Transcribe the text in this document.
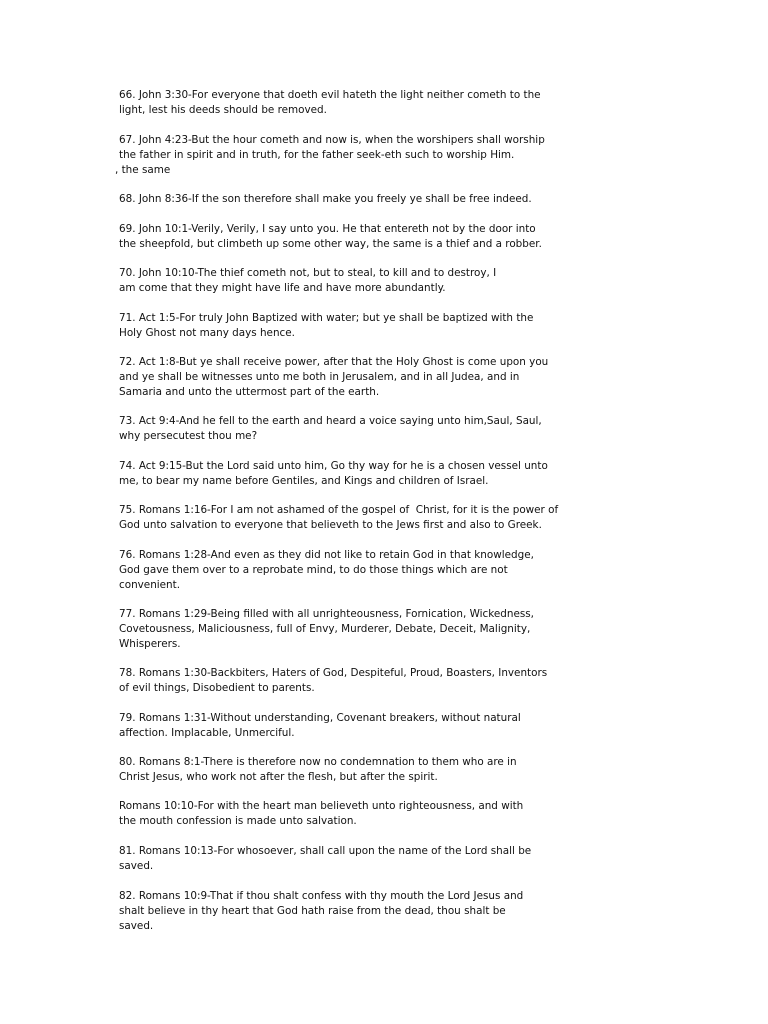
66. John 3:30-For everyone that doeth evil hateth the light neither cometh to the
light, lest his deeds should be removed.

67. John 4:23-But the hour cometh and now is, when the worshipers shall worship
the father in spirit and in truth, for the father seek-eth such to worship Him.
, the same

68. John 8:36-If the son therefore shall make you freely ye shall be free indeed.

69. John 10:1-Verily, Verily, I say unto you. He that entereth not by the door into
the sheepfold, but climbeth up some other way, the same is a thief and a robber.

70. John 10:10-The thief cometh not, but to steal, to kill and to destroy, I
am come that they might have life and have more abundantly.

71. Act 1:5-For truly John Baptized with water; but ye shall be baptized with the
Holy Ghost not many days hence.

72. Act 1:8-But ye shall receive power, after that the Holy Ghost is come upon you
and ye shall be witnesses unto me both in Jerusalem, and in all Judea, and in
Samaria and unto the uttermost part of the earth.

73. Act 9:4-And he fell to the earth and heard a voice saying unto him,Saul, Saul,
why persecutest thou me?

74. Act 9:15-But the Lord said unto him, Go thy way for he is a chosen vessel unto
me, to bear my name before Gentiles, and Kings and children of Israel.

75. Romans 1:16-For I am not ashamed of the gospel of  Christ, for it is the power of
God unto salvation to everyone that believeth to the Jews first and also to Greek.

76. Romans 1:28-And even as they did not like to retain God in that knowledge,
God gave them over to a reprobate mind, to do those things which are not
convenient.

77. Romans 1:29-Being filled with all unrighteousness, Fornication, Wickedness,
Covetousness, Maliciousness, full of Envy, Murderer, Debate, Deceit, Malignity,
Whisperers.

78. Romans 1:30-Backbiters, Haters of God, Despiteful, Proud, Boasters, Inventors
of evil things, Disobedient to parents.

79. Romans 1:31-Without understanding, Covenant breakers, without natural
affection. Implacable, Unmerciful.

80. Romans 8:1-There is therefore now no condemnation to them who are in
Christ Jesus, who work not after the flesh, but after the spirit.

Romans 10:10-For with the heart man believeth unto righteousness, and with
the mouth confession is made unto salvation.

81. Romans 10:13-For whosoever, shall call upon the name of the Lord shall be
saved.

82. Romans 10:9-That if thou shalt confess with thy mouth the Lord Jesus and
shalt believe in thy heart that God hath raise from the dead, thou shalt be
saved.
